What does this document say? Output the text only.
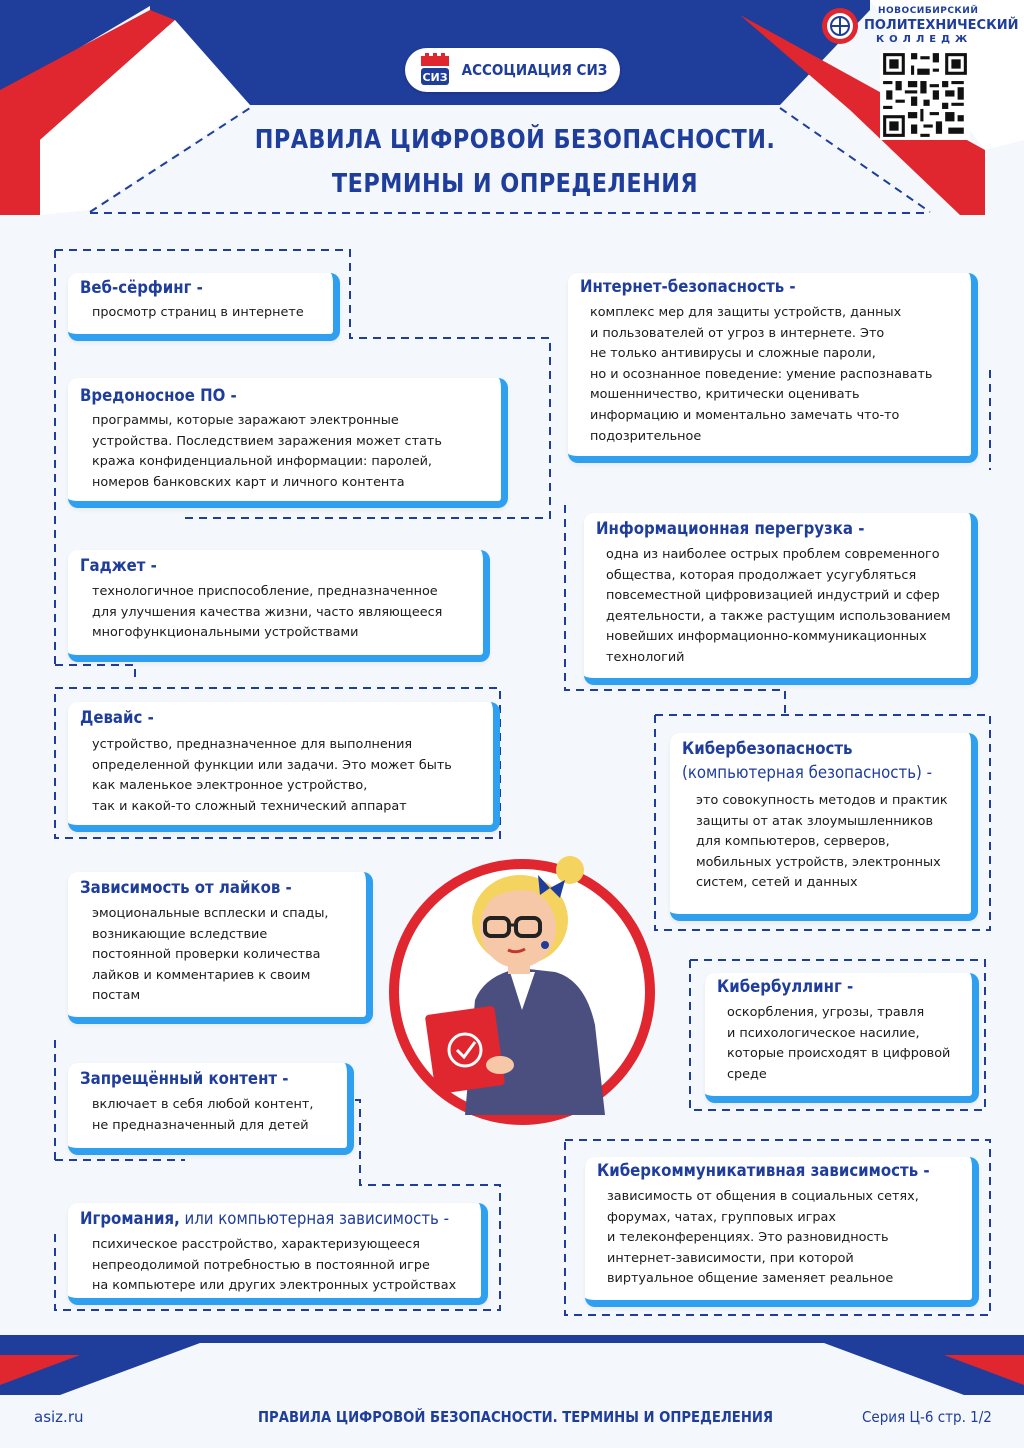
СИЗ АССОЦИАЦИЯ СИЗ
ПРАВИЛА ЦИФРОВОЙ БЕЗОПАСНОСТИ.
ТЕРМИНЫ И ОПРЕДЕЛЕНИЯ
НОВОСИБИРСКИЙ
ПОЛИТЕХНИЧЕСКИЙ
КОЛЛЕДЖ
Веб-сёрфинг -
просмотр страниц в интернете
Вредоносное ПО -
программы, которые заражают электронные
устройства. Последствием заражения может стать
кража конфиденциальной информации: паролей,
номеров банковских карт и личного контента
Гаджет -
технологичное приспособление, предназначенное
для улучшения качества жизни, часто являющееся
многофункциональными устройствами
Девайс -
устройство, предназначенное для выполнения
определенной функции или задачи. Это может быть
как маленькое электронное устройство,
так и какой-то сложный технический аппарат
Зависимость от лайков -
эмоциональные всплески и спады,
возникающие вследствие
постоянной проверки количества
лайков и комментариев к своим
постам
Запрещённый контент -
включает в себя любой контент,
не предназначенный для детей
Игромания, или компьютерная зависимость -
психическое расстройство, характеризующееся
непреодолимой потребностью в постоянной игре
на компьютере или других электронных устройствах
Интернет-безопасность -
комплекс мер для защиты устройств, данных
и пользователей от угроз в интернете. Это
не только антивирусы и сложные пароли,
но и осознанное поведение: умение распознавать
мошенничество, критически оценивать
информацию и моментально замечать что-то
подозрительное
Информационная перегрузка -
одна из наиболее острых проблем современного
общества, которая продолжает усугубляться
повсеместной цифровизацией индустрий и сфер
деятельности, а также растущим использованием
новейших информационно-коммуникационных
технологий
Кибербезопасность
(компьютерная безопасность) -
это совокупность методов и практик
защиты от атак злоумышленников
для компьютеров, серверов,
мобильных устройств, электронных
систем, сетей и данных
Кибербуллинг -
оскорбления, угрозы, травля
и психологическое насилие,
которые происходят в цифровой
среде
Киберкоммуникативная зависимость -
зависимость от общения в социальных сетях,
форумах, чатах, групповых играх
и телеконференциях. Это разновидность
интернет-зависимости, при которой
виртуальное общение заменяет реальное
asiz.ru	ПРАВИЛА ЦИФРОВОЙ БЕЗОПАСНОСТИ. ТЕРМИНЫ И ОПРЕДЕЛЕНИЯ	Серия Ц-6 стр. 1/2
